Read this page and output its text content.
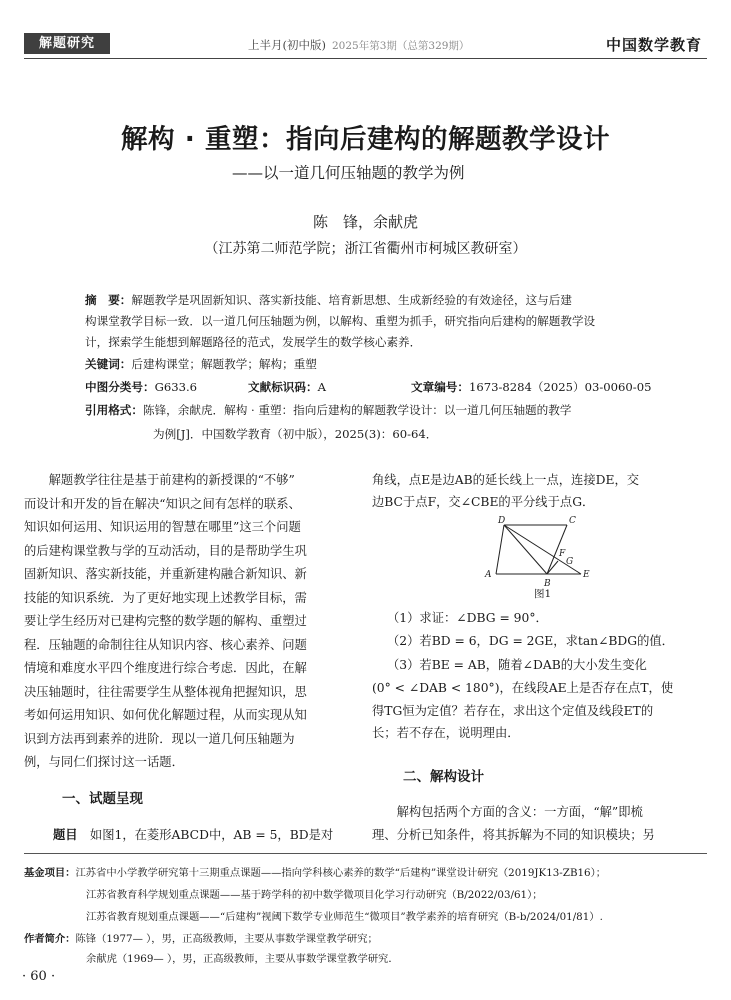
解题研究	上半月(初中版) 2025年第3期（总第329期）	中国数学教育
解构 · 重塑：指向后建构的解题教学设计
——以一道几何压轴题的教学为例
陈　锋，余献虎
（江苏第二师范学院；浙江省衢州市柯城区教研室）
摘　要：解题教学是巩固新知识、落实新技能、培育新思想、生成新经验的有效途径，这与后建
构课堂教学目标一致．以一道几何压轴题为例，以解构、重塑为抓手，研究指向后建构的解题教学设
计，探索学生能想到解题路径的范式，发展学生的数学核心素养．
关键词：后建构课堂；解题教学；解构；重塑
中图分类号：G633.6	文献标识码：A	文章编号：1673-8284（2025）03-0060-05
引用格式：陈锋，余献虎．解构 · 重塑：指向后建构的解题教学设计：以一道几何压轴题的教学
为例[J]．中国数学教育（初中版），2025(3)：60-64．
　　解题教学往往是基于前建构的新授课的“不够”
而设计和开发的旨在解决“知识之间有怎样的联系、
知识如何运用、知识运用的智慧在哪里”这三个问题
的后建构课堂教与学的互动活动，目的是帮助学生巩
固新知识、落实新技能，并重新建构融合新知识、新
技能的知识系统．为了更好地实现上述教学目标，需
要让学生经历对已建构完整的数学题的解构、重塑过
程．压轴题的命制往往从知识内容、核心素养、问题
情境和难度水平四个维度进行综合考虑．因此，在解
决压轴题时，往往需要学生从整体视角把握知识，思
考如何运用知识、如何优化解题过程，从而实现从知
识到方法再到素养的进阶．现以一道几何压轴题为
例，与同仁们探讨这一话题．
一、试题呈现
题目　 如图1，在菱形ABCD中，AB = 5，BD是对
角线，点E是边AB的延长线上一点，连接DE，交
边BC于点F，交∠CBE的平分线于点G．
D	C
A
B
E
F
G
图1
（1）求证：∠DBG = 90°．
（2）若BD = 6，DG = 2GE，求tan∠BDG的值．
（3）若BE = AB，随着∠DAB的大小发生变化
(0° < ∠DAB < 180°)，在线段AE上是否存在点T，使
得TG恒为定值？若存在，求出这个定值及线段ET的
长；若不存在，说明理由．
二、解构设计
　　解构包括两个方面的含义：一方面，“解”即梳
理、分析已知条件，将其拆解为不同的知识模块；另
基金项目：江苏省中小学教学研究第十三期重点课题——指向学科核心素养的数学“后建构”课堂设计研究（2019JK13-ZB16）；
江苏省教育科学规划重点课题——基于跨学科的初中数学微项目化学习行动研究（B/2022/03/61）；
江苏省教育规划重点课题——“后建构”视阈下数学专业师范生“微项目”教学素养的培育研究（B-b/2024/01/81）.
作者简介：陈锋（1977— ），男，正高级教师，主要从事数学课堂教学研究；
余献虎（1969— ），男，正高级教师，主要从事数学课堂教学研究．
· 60 ·
